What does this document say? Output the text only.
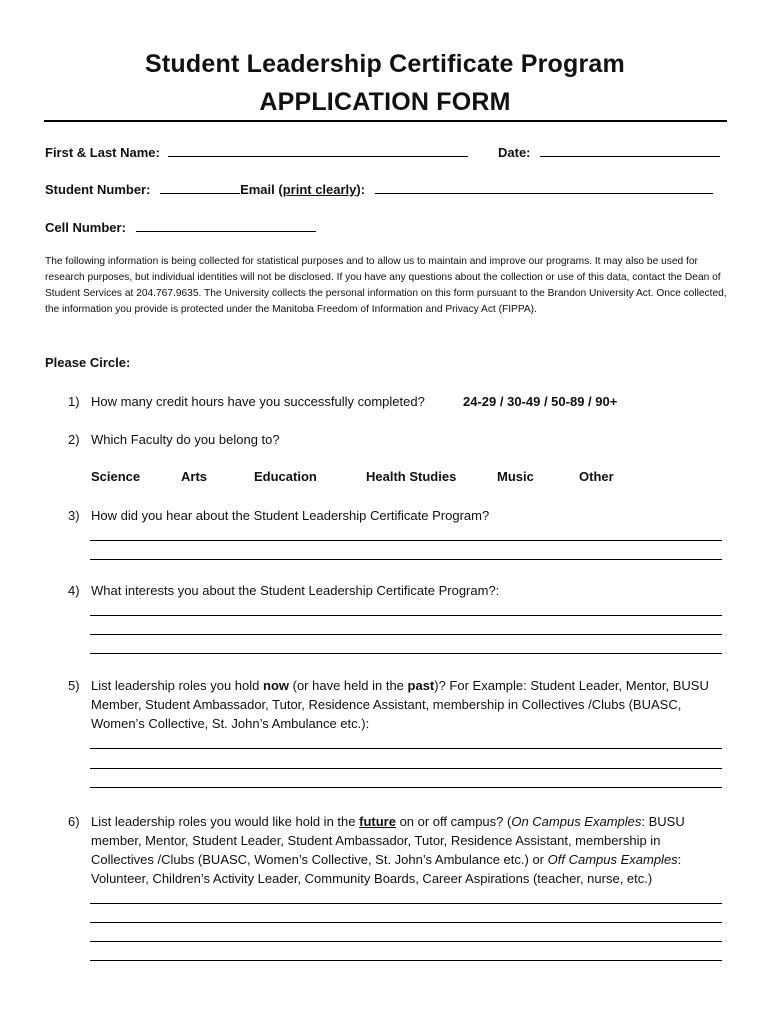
Student Leadership Certificate Program
APPLICATION FORM
First & Last Name:	Date:
Student Number:	Email (print clearly):
Cell Number:
The following information is being collected for statistical purposes and to allow us to maintain and improve our programs. It may also be used for research purposes, but individual identities will not be disclosed. If you have any questions about the collection or use of this data, contact the Dean of Student Services at 204.767.9635. The University collects the personal information on this form pursuant to the Brandon University Act. Once collected, the information you provide is protected under the Manitoba Freedom of Information and Privacy Act (FIPPA).
Please Circle:
1) How many credit hours have you successfully completed?	24-29 / 30-49 / 50-89 / 90+
2) Which Faculty do you belong to?
Science	Arts	Education	Health Studies	Music	Other
3) How did you hear about the Student Leadership Certificate Program?
4) What interests you about the Student Leadership Certificate Program?:
5) List leadership roles you hold now (or have held in the past)? For Example: Student Leader, Mentor, BUSU Member, Student Ambassador, Tutor, Residence Assistant, membership in Collectives /Clubs (BUASC, Women’s Collective, St. John’s Ambulance etc.):
6) List leadership roles you would like hold in the future on or off campus? (On Campus Examples: BUSU member, Mentor, Student Leader, Student Ambassador, Tutor, Residence Assistant, membership in Collectives /Clubs (BUASC, Women’s Collective, St. John’s Ambulance etc.) or Off Campus Examples: Volunteer, Children’s Activity Leader, Community Boards, Career Aspirations (teacher, nurse, etc.)
